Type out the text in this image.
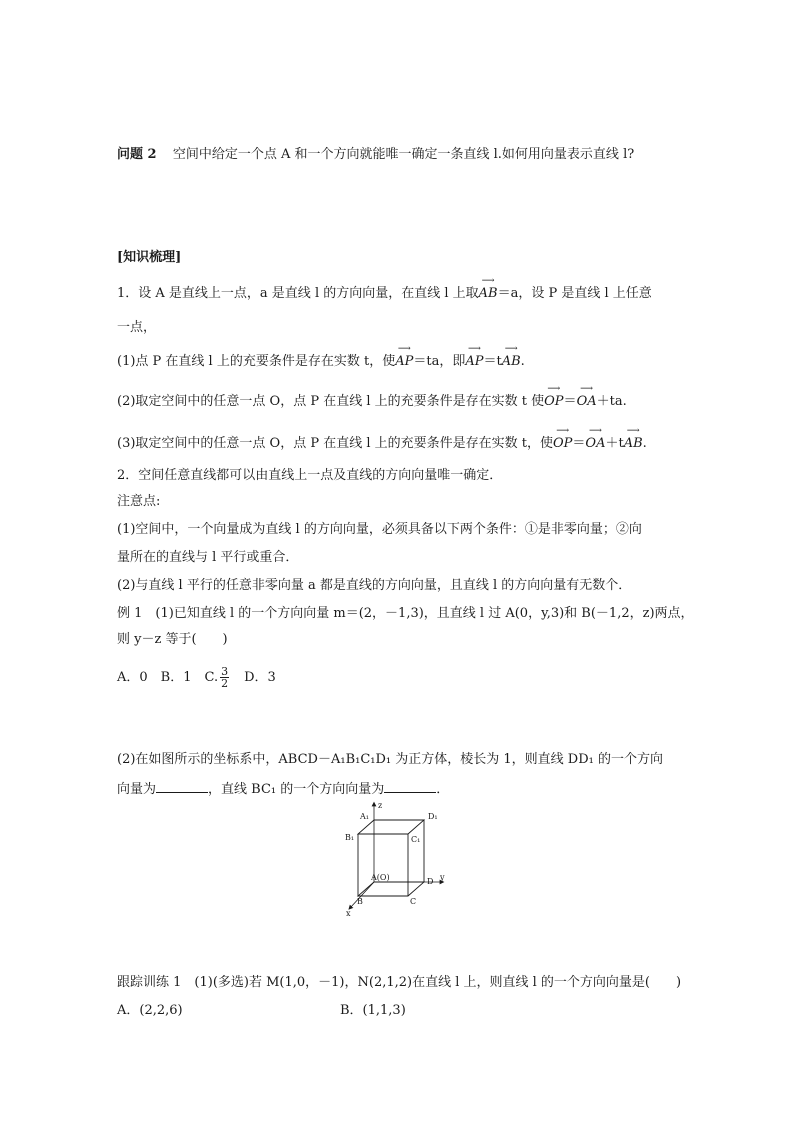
问题 2 空间中给定一个点 A 和一个方向就能唯一确定一条直线 l.如何用向量表示直线 l?
[知识梳理]
1．设 A 是直线上一点，a 是直线 l 的方向向量，在直线 l 上取⟶ AB＝a，设 P 是直线 l 上任意
一点，
(1)点 P 在直线 l 上的充要条件是存在实数 t，使⟶ AP＝ta，即⟶ AP＝t⟶ AB.
(2)取定空间中的任意一点 O，点 P 在直线 l 上的充要条件是存在实数 t 使⟶ OP＝⟶ OA＋ta.
(3)取定空间中的任意一点 O，点 P 在直线 l 上的充要条件是存在实数 t，使⟶ OP＝⟶ OA＋t⟶ AB.
2．空间任意直线都可以由直线上一点及直线的方向向量唯一确定．
注意点:
(1)空间中，一个向量成为直线 l 的方向向量，必须具备以下两个条件：①是非零向量；②向
量所在的直线与 l 平行或重合．
(2)与直线 l 平行的任意非零向量 a 都是直线的方向向量，且直线 l 的方向向量有无数个．
例 1　(1)已知直线 l 的一个方向向量 m＝(2，－1,3)，且直线 l 过 A(0，y,3)和 B(－1,2，z)两点，
则 y－z 等于(　　)
A．0　B．1　C. $\frac{3}{2}$ 　D．3
(2)在如图所示的坐标系中，ABCD－A₁B₁C₁D₁ 为正方体，棱长为 1，则直线 DD₁ 的一个方向
向量为	，直线 BC₁ 的一个方向向量为	．
z
y
x
A₁	D₁
B₁	C₁
A(O)	D
B	C
跟踪训练 1　(1)(多选)若 M(1,0，－1)，N(2,1,2)在直线 l 上，则直线 l 的一个方向向量是(　　)
A．(2,2,6)	B．(1,1,3)
